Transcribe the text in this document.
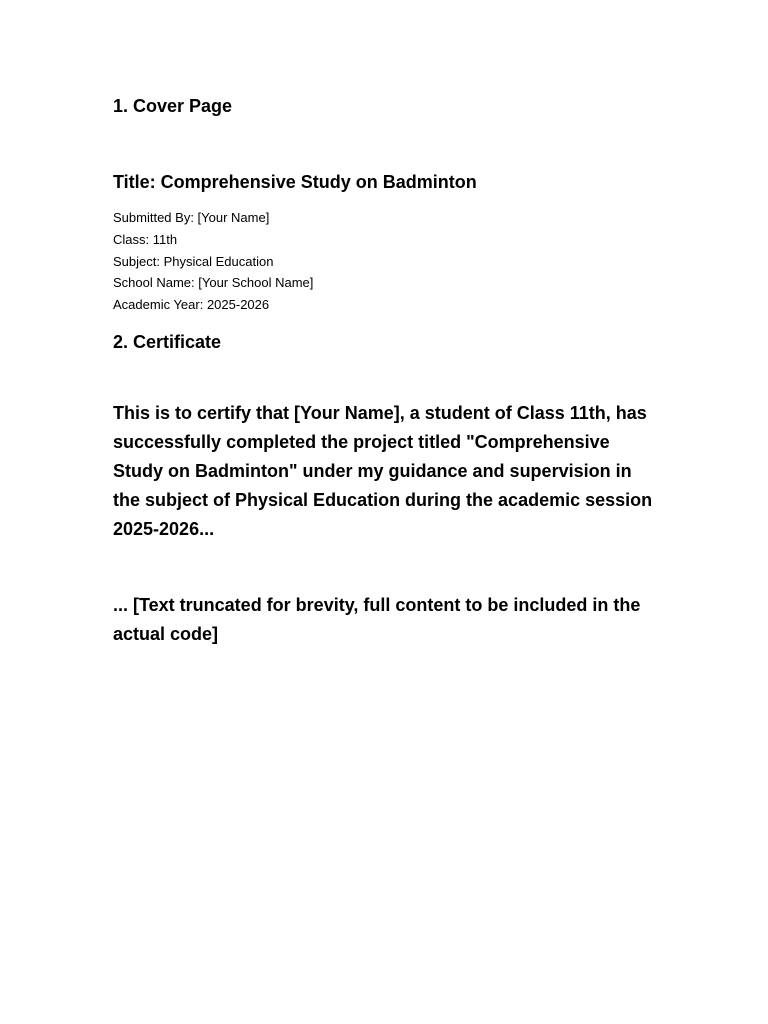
1. Cover Page
Title: Comprehensive Study on Badminton
Submitted By: [Your Name]
Class: 11th
Subject: Physical Education
School Name: [Your School Name]
Academic Year: 2025-2026
2. Certificate

This is to certify that [Your Name], a student of Class 11th, has successfully completed the project titled "Comprehensive Study on Badminton" under my guidance and supervision in the subject of Physical Education during the academic session 2025-2026...

... [Text truncated for brevity, full content to be included in the actual code]
